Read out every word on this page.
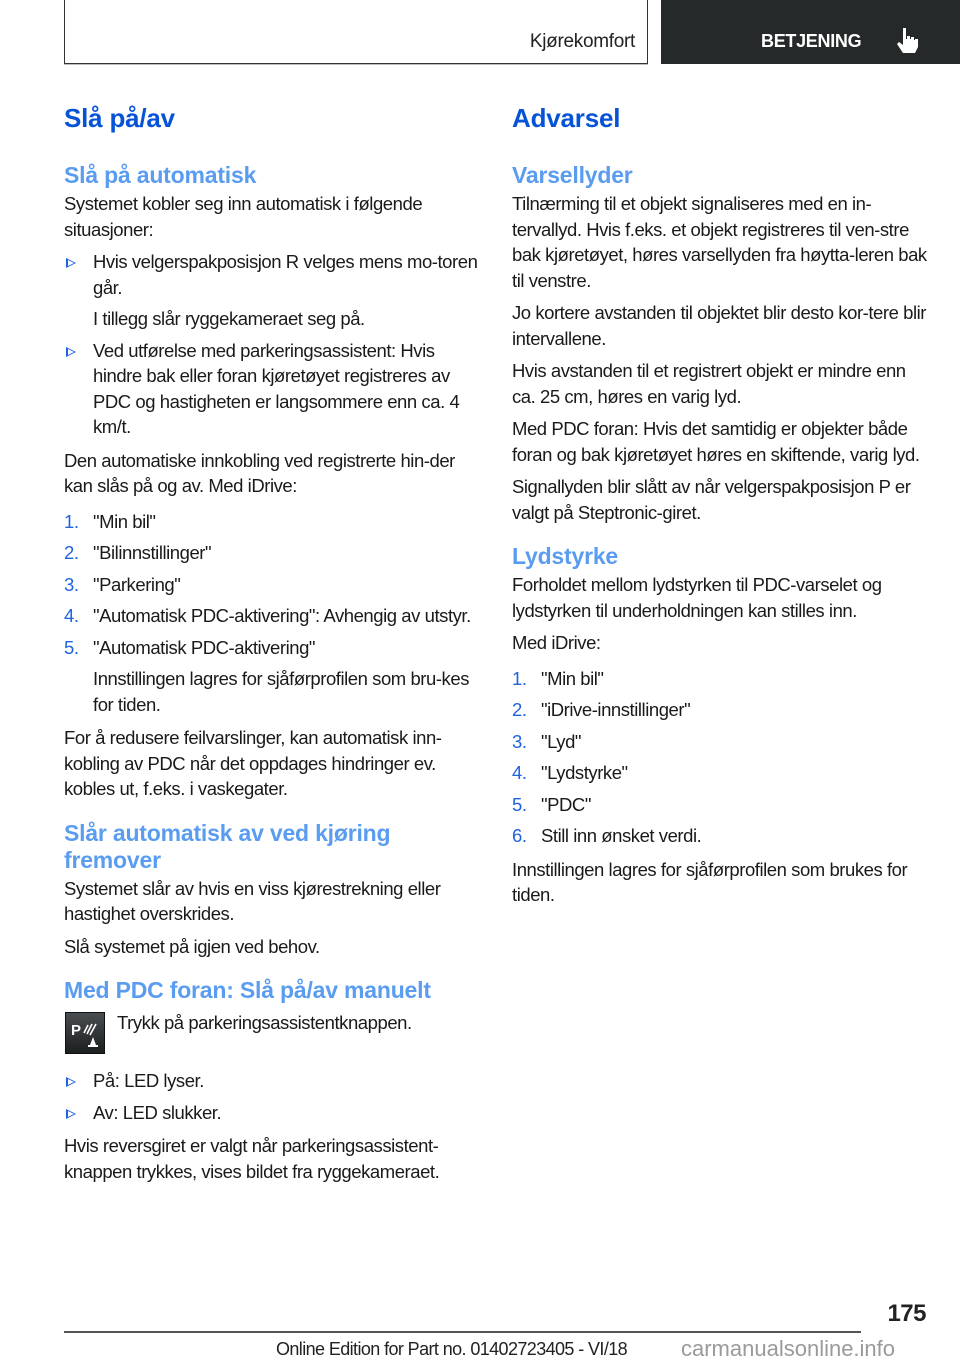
Kjørekomfort	BETJENING
Slå på/av
Slå på automatisk

Systemet kobler seg inn automatisk i følgende situasjoner:

Hvis velgerspakposisjon R velges mens mo-toren går.
I tillegg slår ryggekameraet seg på.
Ved utførelse med parkeringsassistent: Hvis hindre bak eller foran kjøretøyet registreres av PDC og hastigheten er langsommere enn ca. 4 km/t.

Den automatiske innkobling ved registrerte hin-der kan slås på og av. Med iDrive:

1. "Min bil"
2. "Bilinnstillinger"
3. "Parkering"
4. "Automatisk PDC-aktivering": Avhengig av utstyr.
5. "Automatisk PDC-aktivering"
Innstillingen lagres for sjåførprofilen som bru-kes for tiden.

For å redusere feilvarslinger, kan automatisk inn-kobling av PDC når det oppdages hindringer ev. kobles ut, f.eks. i vaskegater.

Slår automatisk av ved kjøring fremover

Systemet slår av hvis en viss kjørestrekning eller hastighet overskrides.

Slå systemet på igjen ved behov.

Med PDC foran: Slå på/av manuelt
P Trykk på parkeringsassistentknappen.

På: LED lyser.
Av: LED slukker.

Hvis reversgiret er valgt når parkeringsassistent-knappen trykkes, vises bildet fra ryggekameraet.

Advarsel
Varsellyder

Tilnærming til et objekt signaliseres med en in-tervallyd. Hvis f.eks. et objekt registreres til ven-stre bak kjøretøyet, høres varsellyden fra høytta-leren bak til venstre.

Jo kortere avstanden til objektet blir desto kor-tere blir intervallene.

Hvis avstanden til et registrert objekt er mindre enn ca. 25 cm, høres en varig lyd.

Med PDC foran: Hvis det samtidig er objekter både foran og bak kjøretøyet høres en skiftende, varig lyd.

Signallyden blir slått av når velgerspakposisjon P er valgt på Steptronic-giret.

Lydstyrke

Forholdet mellom lydstyrken til PDC-varselet og lydstyrken til underholdningen kan stilles inn.

Med iDrive:

1. "Min bil"
2. "iDrive-innstillinger"
3. "Lyd"
4. "Lydstyrke"
5. "PDC"
6. Still inn ønsket verdi.

Innstillingen lagres for sjåførprofilen som brukes for tiden.

175
Online Edition for Part no. 01402723405 - VI/18 carmanualsonline.info
